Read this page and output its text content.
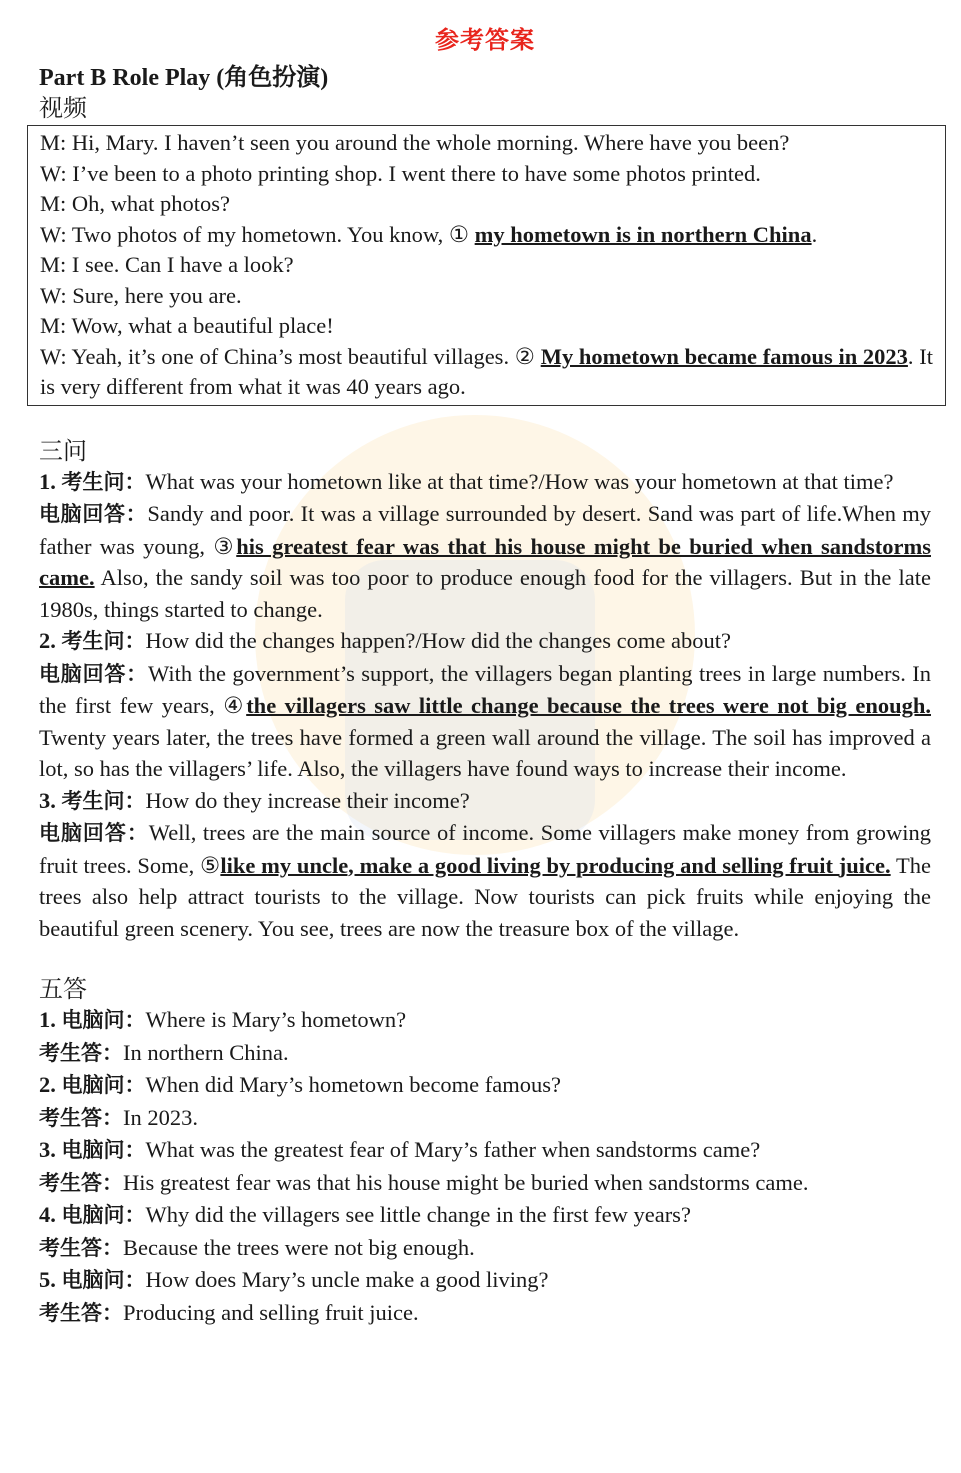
参考答案
Part B Role Play (角色扮演)
视频
M: Hi, Mary. I haven’t seen you around the whole morning. Where have you been?
W: I’ve been to a photo printing shop. I went there to have some photos printed.
M: Oh, what photos?
W: Two photos of my hometown. You know, ① my hometown is in northern China.
M: I see. Can I have a look?
W: Sure, here you are.
M: Wow, what a beautiful place!
W: Yeah, it’s one of China’s most beautiful villages. ② My hometown became famous in 2023. It is very different from what it was 40 years ago.
三问
1. 考生问：What was your hometown like at that time?/How was your hometown at that time?
电脑回答：Sandy and poor. It was a village surrounded by desert. Sand was part of life.When my father was young, ③his greatest fear was that his house might be buried when sandstorms came. Also, the sandy soil was too poor to produce enough food for the villagers. But in the late 1980s, things started to change.
2. 考生问：How did the changes happen?/How did the changes come about?
电脑回答：With the government’s support, the villagers began planting trees in large numbers. In the first few years, ④the villagers saw little change because the trees were not big enough. Twenty years later, the trees have formed a green wall around the village. The soil has improved a lot, so has the villagers’ life. Also, the villagers have found ways to increase their income.
3. 考生问：How do they increase their income?
电脑回答：Well, trees are the main source of income. Some villagers make money from growing fruit trees. Some, ⑤like my uncle, make a good living by producing and selling fruit juice. The trees also help attract tourists to the village. Now tourists can pick fruits while enjoying the beautiful green scenery. You see, trees are now the treasure box of the village.
五答
1. 电脑问：Where is Mary’s hometown?
考生答：In northern China.
2. 电脑问：When did Mary’s hometown become famous?
考生答：In 2023.
3. 电脑问：What was the greatest fear of Mary’s father when sandstorms came?
考生答：His greatest fear was that his house might be buried when sandstorms came.
4. 电脑问：Why did the villagers see little change in the first few years?
考生答：Because the trees were not big enough.
5. 电脑问：How does Mary’s uncle make a good living?
考生答：Producing and selling fruit juice.
